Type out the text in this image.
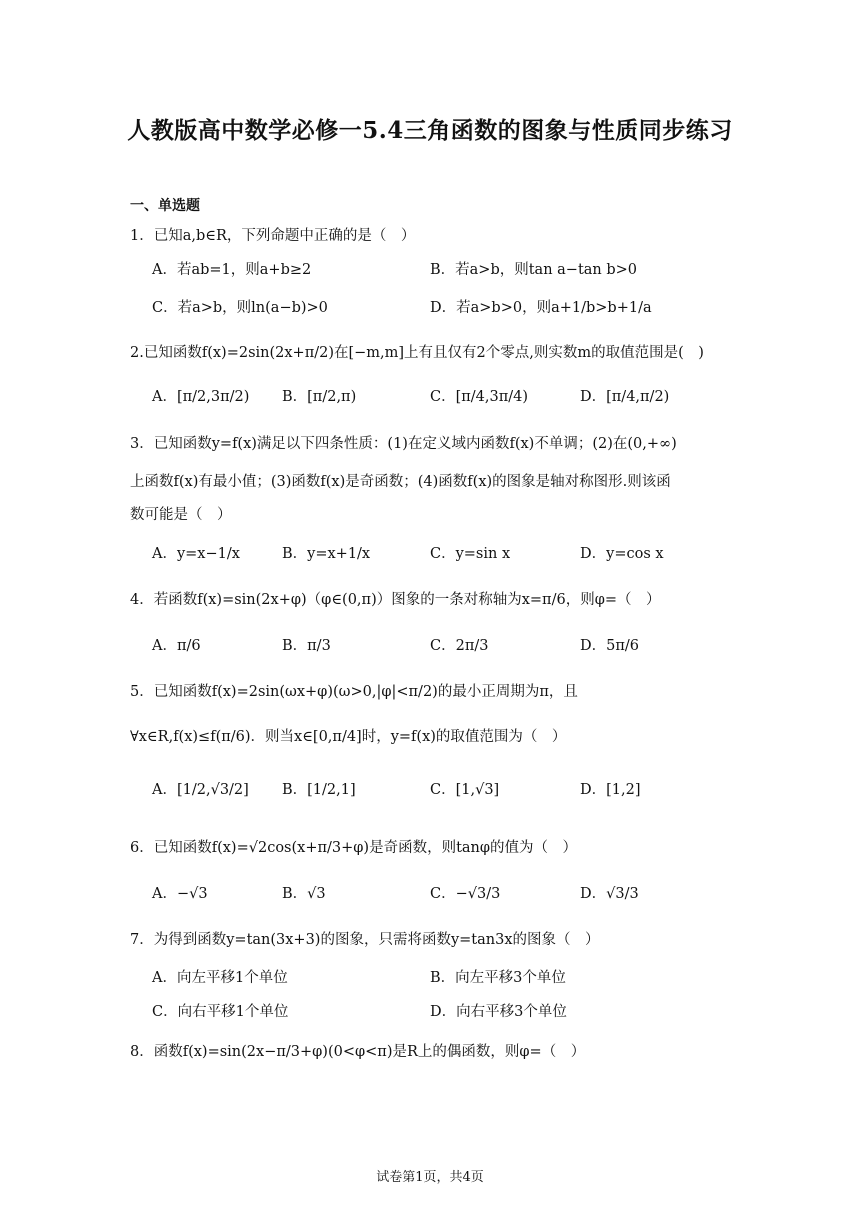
人教版高中数学必修一5.4三角函数的图象与性质同步练习
一、单选题
1．已知a,b∈R，下列命题中正确的是（　）
A．若ab=1，则a+b≥2	B．若a>b，则tan a−tan b>0
C．若a>b，则ln(a−b)>0	D．若a>b>0，则a+1/b>b+1/a
2.已知函数f(x)=2sin(2x+π/2)在[−m,m]上有且仅有2个零点,则实数m的取值范围是(　)
A．[π/2,3π/2) B．[π/2,π)	C．[π/4,3π/4)	D．[π/4,π/2)
3．已知函数y=f(x)满足以下四条性质：(1)在定义域内函数f(x)不单调；(2)在(0,+∞)
上函数f(x)有最小值；(3)函数f(x)是奇函数；(4)函数f(x)的图象是轴对称图形.则该函
数可能是（　）
A．y=x−1/x	B．y=x+1/x	C．y=sin x	D．y=cos x
4．若函数f(x)=sin(2x+φ)（φ∈(0,π)）图象的一条对称轴为x=π/6，则φ=（　）
A．π/6	B．π/3	C．2π/3	D．5π/6
5．已知函数f(x)=2sin(ωx+φ)(ω>0,|φ|<π/2)的最小正周期为π，且
∀x∈R,f(x)≤f(π/6)．则当x∈[0,π/4]时，y=f(x)的取值范围为（　）
A．[1/2,√3/2] B．[1/2,1]	C．[1,√3]	D．[1,2]
6．已知函数f(x)=√2cos(x+π/3+φ)是奇函数，则tanφ的值为（　）
A．−√3	B．√3	C．−√3/3	D．√3/3
7．为得到函数y=tan(3x+3)的图象，只需将函数y=tan3x的图象（　）
A．向左平移1个单位	B．向左平移3个单位
C．向右平移1个单位	D．向右平移3个单位
8．函数f(x)=sin(2x−π/3+φ)(0<φ<π)是R上的偶函数，则φ=（　）
试卷第1页，共4页
